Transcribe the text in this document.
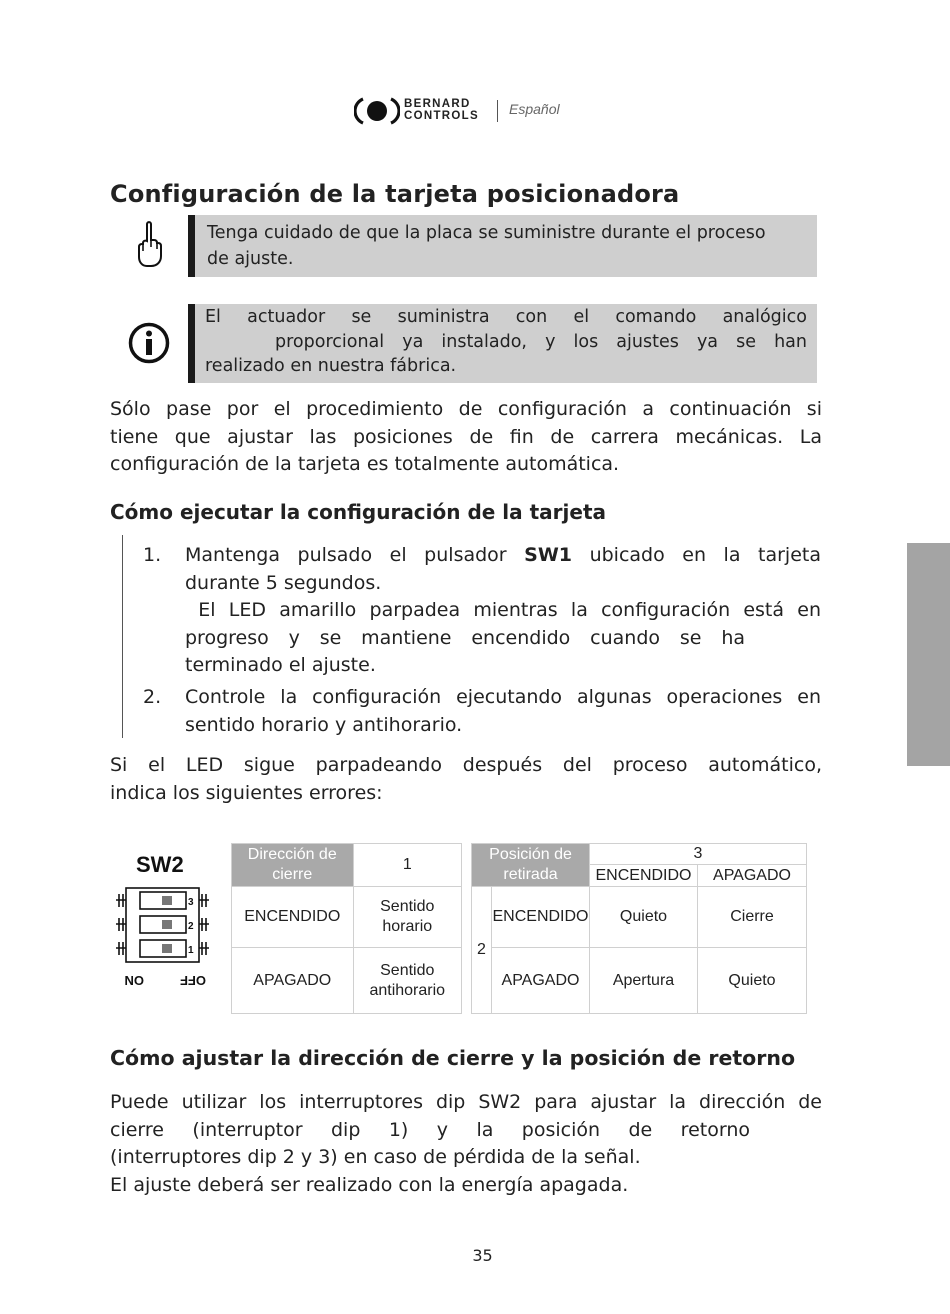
BERNARD
CONTROLS Español
Configuración de la tarjeta posicionadora
Tenga cuidado de que la placa se suministre durante el proceso
de ajuste.
El actuador se suministra con el comando analógico
proporcional ya instalado, y los ajustes ya se han
realizado en nuestra fábrica.
Sólo pase por el procedimiento de configuración a continuación si
tiene que ajustar las posiciones de fin de carrera mecánicas. La
configuración de la tarjeta es totalmente automática.
Cómo ejecutar la configuración de la tarjeta
1. Mantenga pulsado el pulsador SW1 ubicado en la tarjeta
durante 5 segundos.
El LED amarillo parpadea mientras la configuración está en
progreso y se mantiene encendido cuando se ha
terminado el ajuste.
2. Controle la configuración ejecutando algunas operaciones en
sentido horario y antihorario.
Si el LED sigue parpadeando después del proceso automático,
indica los siguientes errores:
SW2
3
2
1
ON	OFF
Dirección de cierre	1
ENCENDIDO	Sentido horario
APAGADO	Sentido antihorario
Posición de retirada		3	
		ENCENDIDO	APAGADO
2	ENCENDIDO	Quieto	Cierre
	APAGADO	Apertura	Quieto
Cómo ajustar la dirección de cierre y la posición de retorno
Puede utilizar los interruptores dip SW2 para ajustar la dirección de
cierre (interruptor dip 1) y la posición de retorno
(interruptores dip 2 y 3) en caso de pérdida de la señal.
El ajuste deberá ser realizado con la energía apagada.
35
